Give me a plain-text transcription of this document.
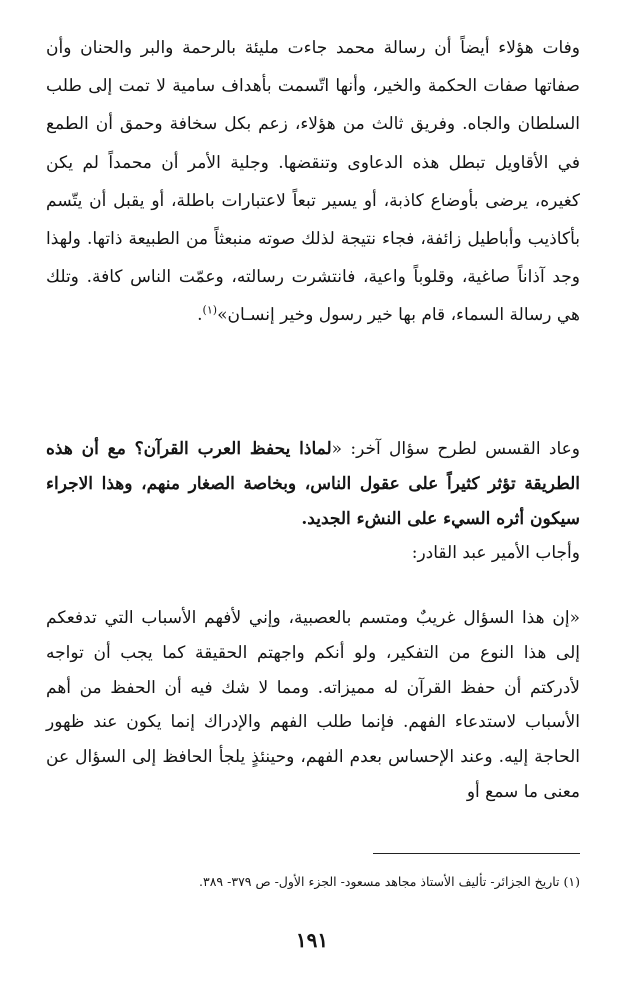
وفات هؤلاء أيضاً أن رسالة محمد جاءت مليئة بالرحمة والبر والحنان وأن صفاتها صفات الحكمة والخير، وأنها اتّسمت بأهداف سامية لا تمت إلى طلب السلطان والجاه. وفريق ثالث من هؤلاء، زعم بكل سخافة وحمق أن الطمع في الأقاويل تبطل هذه الدعاوى وتنقضها. وجلية الأمر أن محمداً لم يكن كغيره، يرضى بأوضاع كاذبة، أو يسير تبعاً لاعتبارات باطلة، أو يقبل أن يتّسم بأكاذيب وأباطيل زائفة، فجاء نتيجة لذلك صوته منبعثاً من الطبيعة ذاتها. ولهذا وجد آذاناً صاغية، وقلوباً واعية، فانتشرت رسالته، وعمّت الناس كافة. وتلك هي رسالة السماء، قام بها خير رسول وخير إنسـان»$^{(١)}$.

وعاد القسس لطرح سؤال آخر: «لماذا يحفظ العرب القرآن؟ مع أن هذه الطريقة تؤثر كثيراً على عقول الناس، وبخاصة الصغار منهم، وهذا الاجراء سيكون أثره السيء على النشء الجديد.
وأجاب الأمير عبد القادر:

«إن هذا السؤال غريبٌ ومتسم بالعصبية، وإني لأفهم الأسباب التي تدفعكم إلى هذا النوع من التفكير، ولو أنكم واجهتم الحقيقة كما يجب أن تواجه لأدركتم أن حفظ القرآن له مميزاته. ومما لا شك فيه أن الحفظ من أهم الأسباب لاستدعاء الفهم. فإنما طلب الفهم والإدراك إنما يكون عند ظهور الحاجة إليه. وعند الإحساس بعدم الفهم، وحينئذٍ يلجأ الحافظ إلى السؤال عن معنى ما سمع أو

(١) تاريخ الجزائر- تأليف الأستاذ مجاهد مسعود- الجزء الأول- ص ٣٧٩- ٣٨٩.

١٩١
